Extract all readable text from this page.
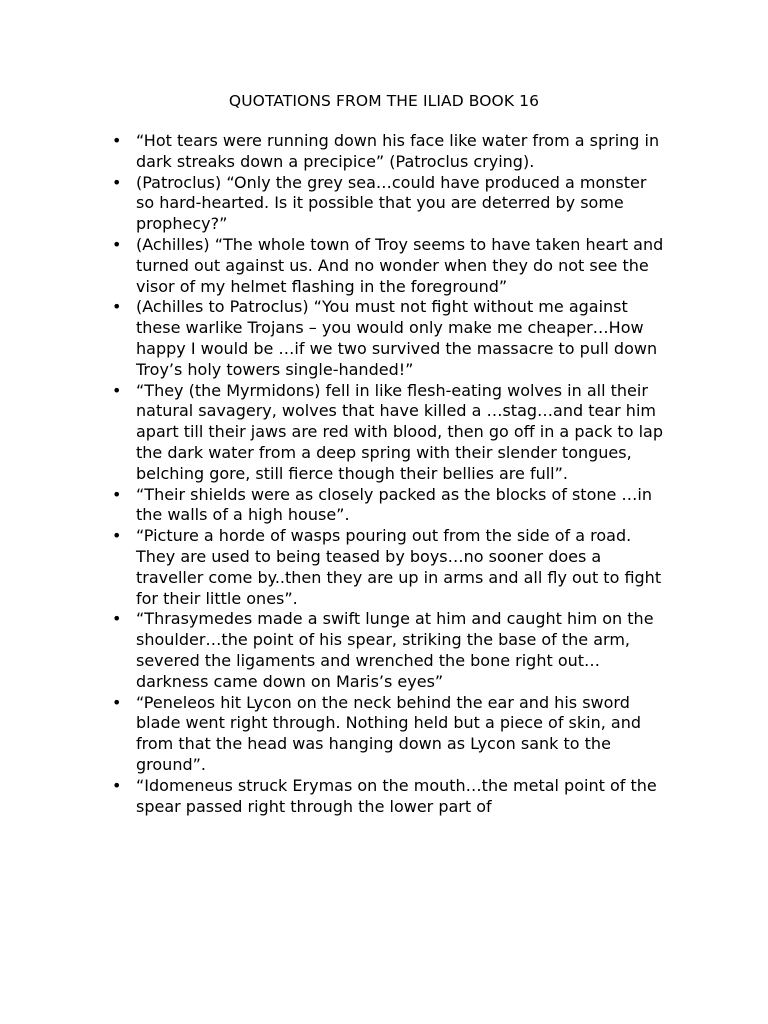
QUOTATIONS FROM THE ILIAD BOOK 16
• “Hot tears were running down his face like water from a spring in dark streaks down a precipice” (Patroclus crying).
• (Patroclus) “Only the grey sea…could have produced a monster so hard-hearted. Is it possible that you are deterred by some prophecy?”
• (Achilles) “The whole town of Troy seems to have taken heart and turned out against us. And no wonder when they do not see the visor of my helmet flashing in the foreground”
• (Achilles to Patroclus) “You must not fight without me against these warlike Trojans – you would only make me cheaper…How happy I would be …if we two survived the massacre to pull down Troy’s holy towers single-handed!”
• “They (the Myrmidons) fell in like flesh-eating wolves in all their natural savagery, wolves that have killed a …stag…and tear him apart till their jaws are red with blood, then go off in a pack to lap the dark water from a deep spring with their slender tongues, belching gore, still fierce though their bellies are full”.
• “Their shields were as closely packed as the blocks of stone …in the walls of a high house”.
• “Picture a horde of wasps pouring out from the side of a road. They are used to being teased by boys…no sooner does a traveller come by..then they are up in arms and all fly out to fight for their little ones”.
• “Thrasymedes made a swift lunge at him and caught him on the shoulder…the point of his spear, striking the base of the arm, severed the ligaments and wrenched the bone right out…darkness came down on Maris’s eyes”
• “Peneleos hit Lycon on the neck behind the ear and his sword blade went right through. Nothing held but a piece of skin, and from that the head was hanging down as Lycon sank to the ground”.
• “Idomeneus struck Erymas on the mouth…the metal point of the spear passed right through the lower part of
